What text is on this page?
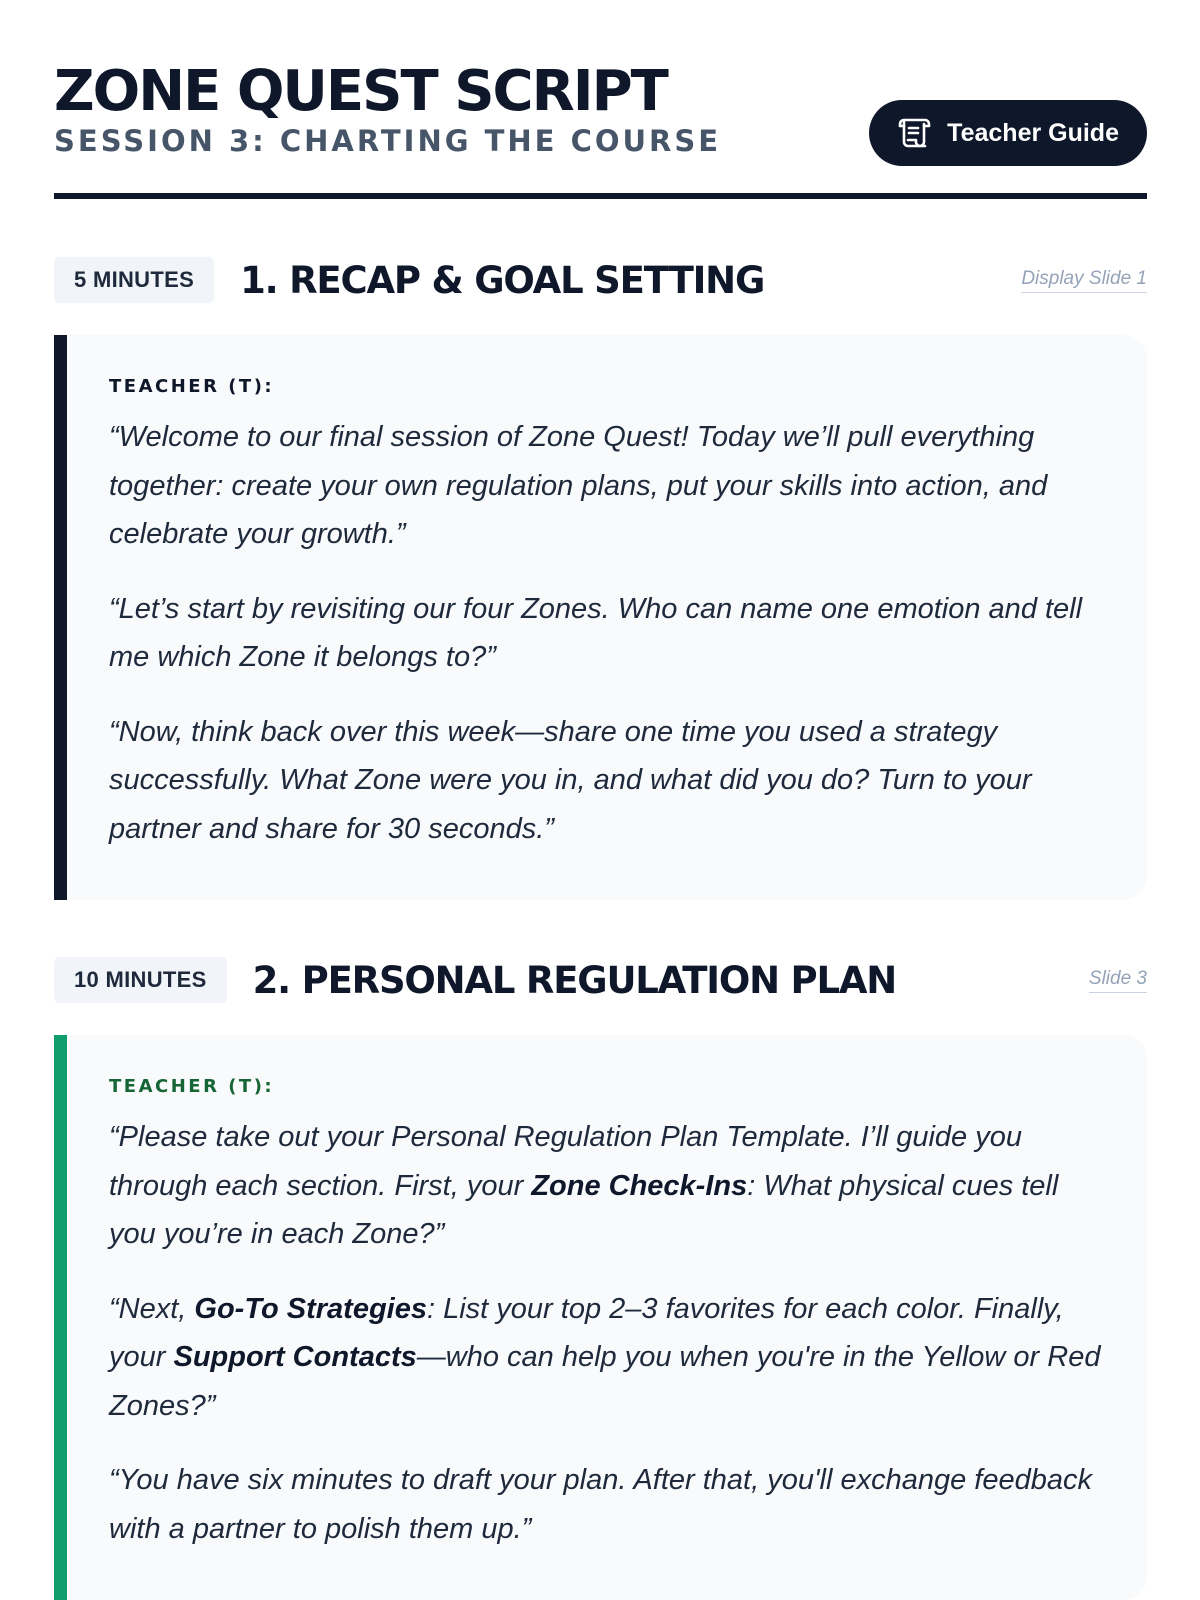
ZONE QUEST SCRIPT
SESSION 3: CHARTING THE COURSE	Teacher Guide
5 MINUTES	1. RECAP & GOAL SETTING	Display Slide 1
TEACHER (T):

“Welcome to our final session of Zone Quest! Today we’ll pull everything together: create your own regulation plans, put your skills into action, and celebrate your growth.”

“Let’s start by revisiting our four Zones. Who can name one emotion and tell me which Zone it belongs to?”

“Now, think back over this week—share one time you used a strategy successfully. What Zone were you in, and what did you do? Turn to your partner and share for 30 seconds.”

10 MINUTES	2. PERSONAL REGULATION PLAN	Slide 3
TEACHER (T):

“Please take out your Personal Regulation Plan Template. I’ll guide you through each section. First, your Zone Check-Ins: What physical cues tell you you’re in each Zone?”

“Next, Go-To Strategies: List your top 2–3 favorites for each color. Finally, your Support Contacts—who can help you when you're in the Yellow or Red Zones?”

“You have six minutes to draft your plan. After that, you'll exchange feedback with a partner to polish them up.”
